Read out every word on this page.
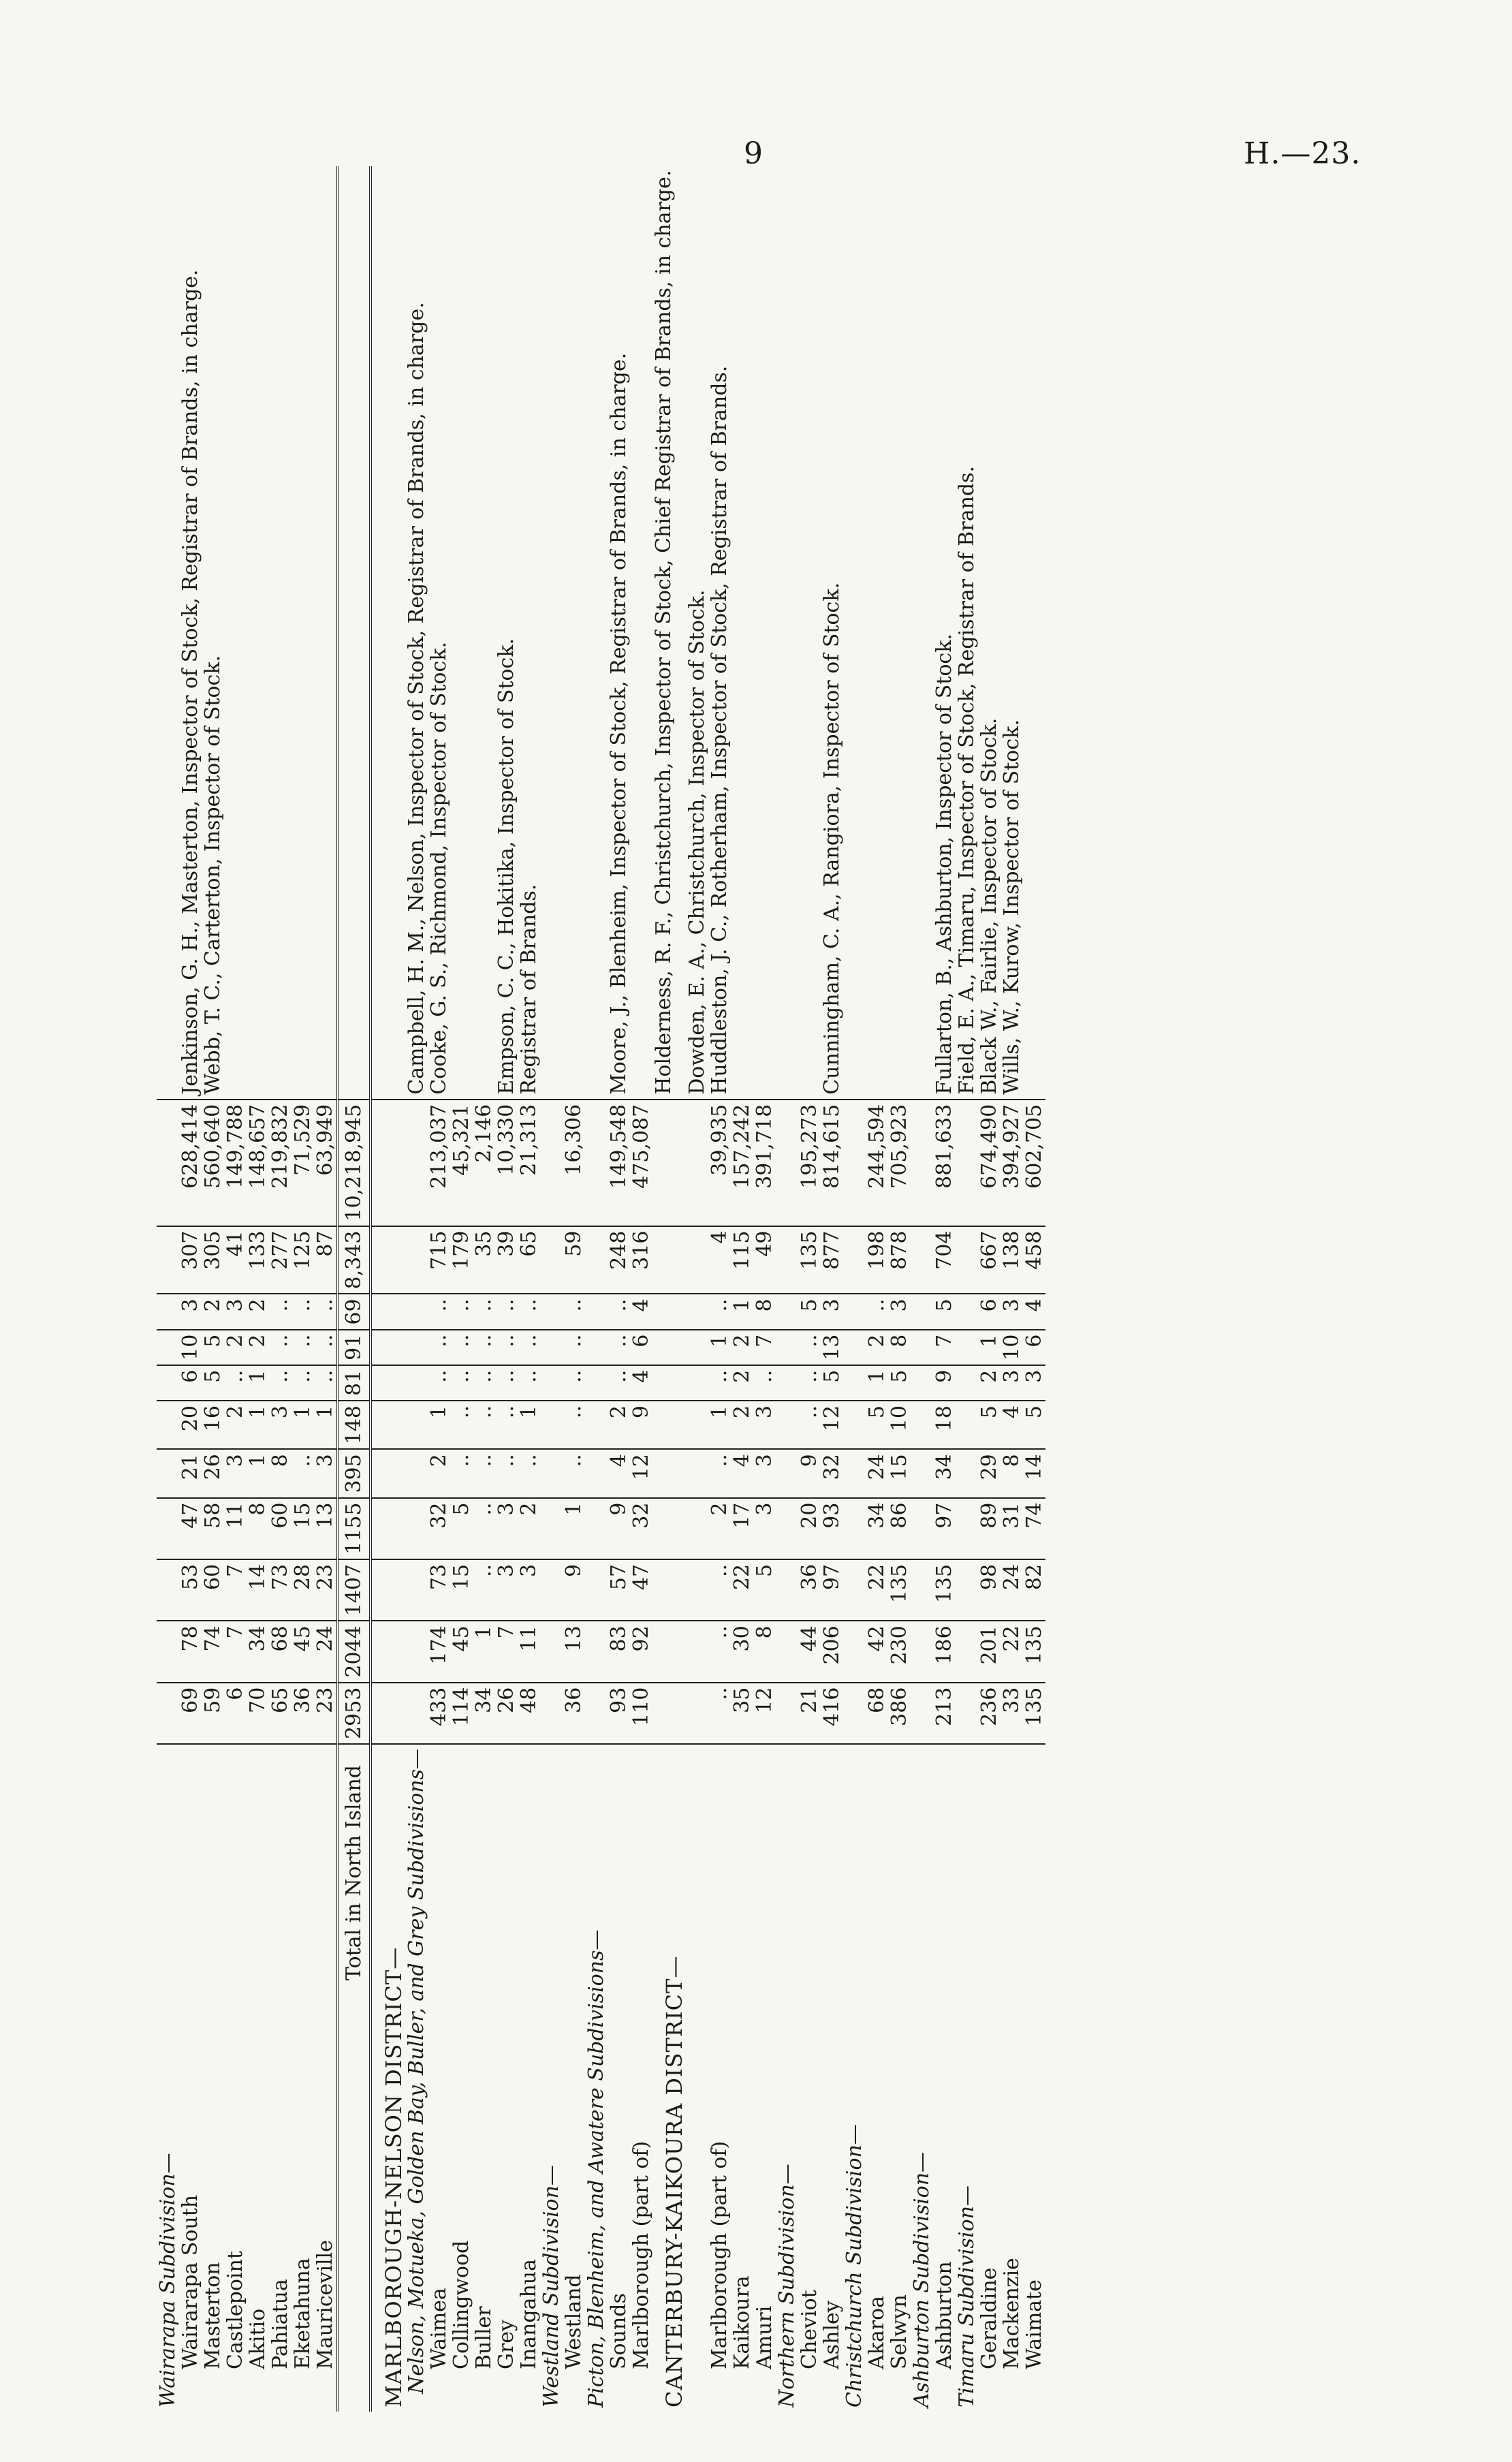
9	H.—23.
Wairarapa Subdivision—												
Wairarapa South	69	78	53	47	21	20	6	10	3	307	628,414	Jenkinson, G. H., Masterton, Inspector of Stock, Registrar of Brands, in charge.
Masterton	59	74	60	58	26	16	5	5	2	305	560,640	Webb, T. C., Carterton, Inspector of Stock.
Castlepoint	6	7	7	11	3	2	..	2	3	41	149,788	
Akitio	70	34	14	8	1	1	1	2	2	133	148,657	
Pahiatua	65	68	73	60	8	3	..	..	..	277	219,832	
Eketahuna	36	45	28	15	..	1	..	..	..	125	71,529	
Mauriceville	23	24	23	13	3	1	..	..	..	87	63,949	
Total in North Island	2953	2044	1407	1155	395	148	81	91	69	8,343	10,218,945	
MARLBOROUGH-NELSON DISTRICT—												
Nelson, Motueka, Golden Bay, Buller, and Grey Subdivisions—												Campbell, H. M., Nelson, Inspector of Stock, Registrar of Brands, in charge.
Waimea	433	174	73	32	2	1	..	..	..	715	213,037	Cooke, G. S., Richmond, Inspector of Stock.
Collingwood	114	45	15	5	..	..	..	..	..	179	45,321	
Buller	34	1	..	..	..	..	..	..	..	35	2,146	
Grey	26	7	3	3	..	..	..	..	..	39	10,330	Empson, C. C., Hokitika, Inspector of Stock.
Inangahua	48	11	3	2	..	1	..	..	..	65	21,313	Registrar of Brands.
Westland Subdivision—												
Westland	36	13	9	1	..	..	..	..	..	59	16,306	
Picton, Blenheim, and Awatere Subdivisions—												
Sounds	93	83	57	9	4	2	..	..	..	248	149,548	Moore, J., Blenheim, Inspector of Stock, Registrar of Brands, in charge.
Marlborough (part of)	110	92	47	32	12	9	4	6	4	316	475,087	
CANTERBURY-KAIKOURA DISTRICT—												Holderness, R. F., Christchurch, Inspector of Stock, Chief Registrar of Brands, in charge.
												Dowden, E. A., Christchurch, Inspector of Stock.
Marlborough (part of)	..	..	..	2	..	1	..	1	..	4	39,935	Huddleston, J. C., Rotherham, Inspector of Stock, Registrar of Brands.
Kaikoura	35	30	22	17	4	2	2	2	1	115	157,242	
Amuri	12	8	5	3	3	3	..	7	8	49	391,718	
Northern Subdivision—												
Cheviot	21	44	36	20	9	..	..	..	5	135	195,273	
Ashley	416	206	97	93	32	12	5	13	3	877	814,615	Cunningham, C. A., Rangiora, Inspector of Stock.
Christchurch Subdivision—												
Akaroa	68	42	22	34	24	5	1	2	..	198	244,594	
Selwyn	386	230	135	86	15	10	5	8	3	878	705,923	
Ashburton Subdivision—												
Ashburton	213	186	135	97	34	18	9	7	5	704	881,633	Fullarton, B., Ashburton, Inspector of Stock.
Timaru Subdivision—												Field, E. A., Timaru, Inspector of Stock, Registrar of Brands.
Geraldine	236	201	98	89	29	5	2	1	6	667	674,490	Black W., Fairlie, Inspector of Stock.
Mackenzie	33	22	24	31	8	4	3	10	3	138	394,927	Wills, W., Kurow, Inspector of Stock.
Waimate	135	135	82	74	14	5	3	6	4	458	602,705	
